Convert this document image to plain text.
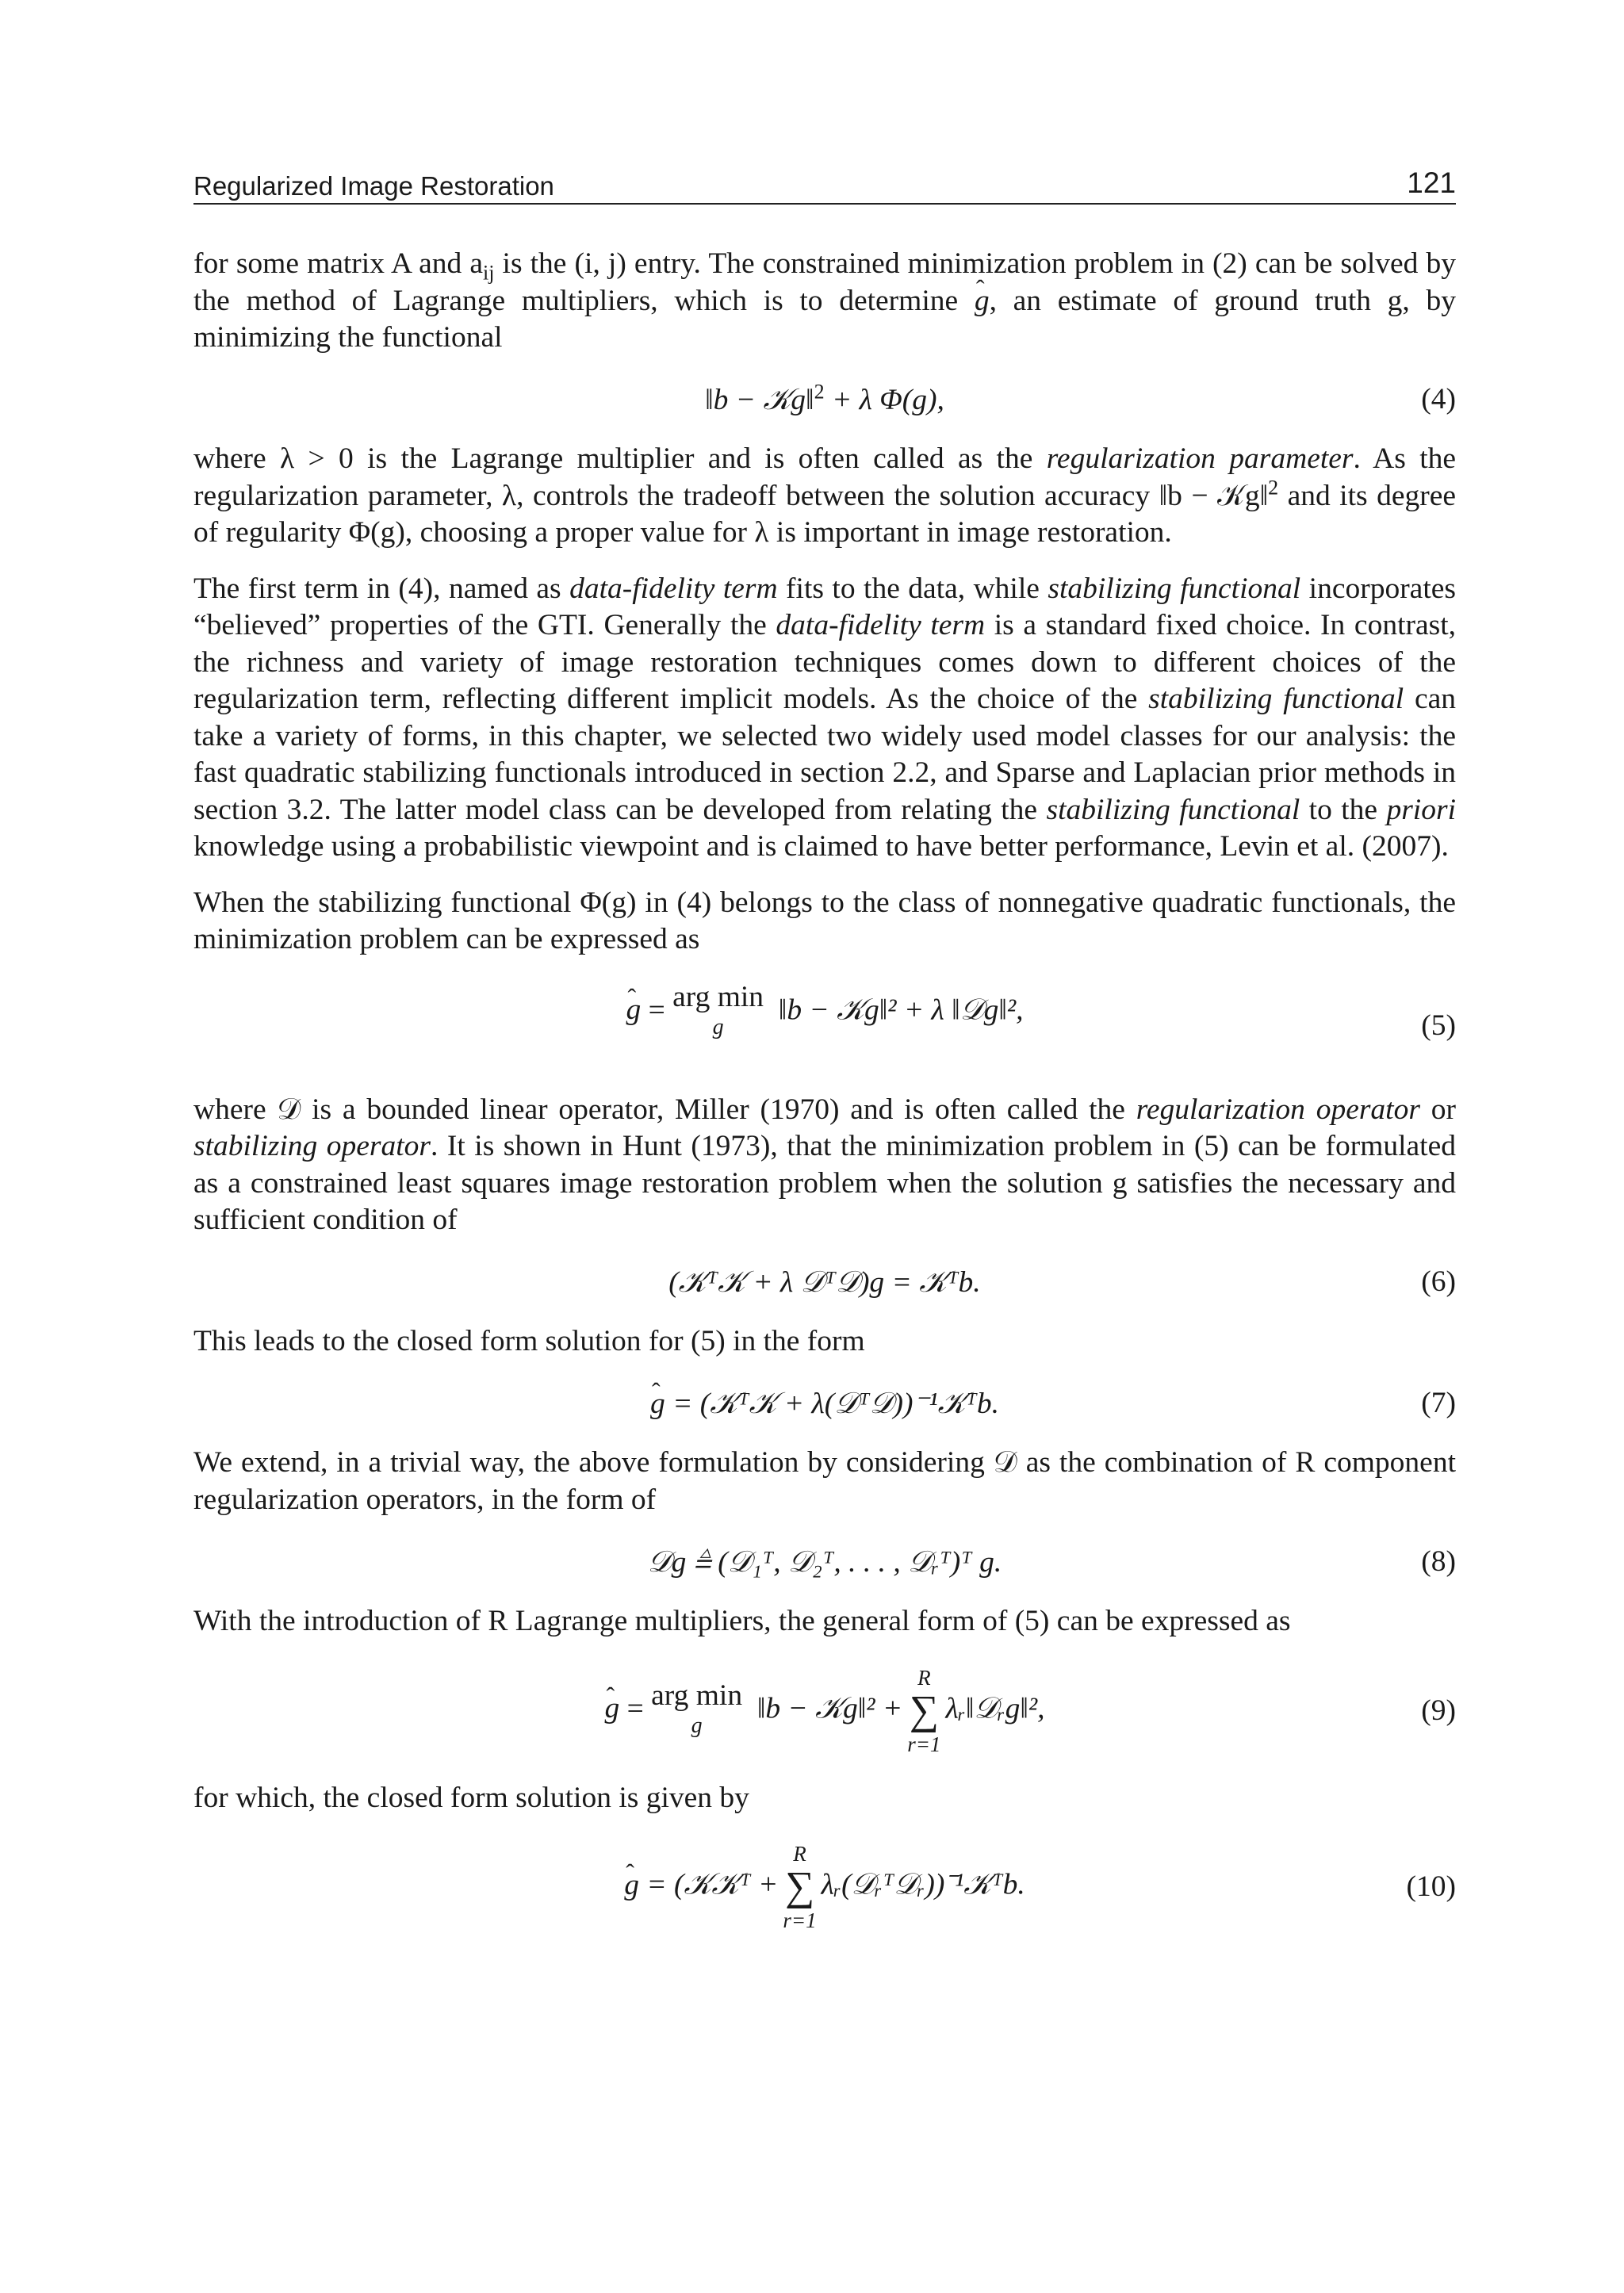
Regularized Image Restoration	121

for some matrix A and $a_{ij}$ is the (i, j) entry. The constrained minimization problem in (2) can be solved by the method of Lagrange multipliers, which is to determine ˆ g, an estimate of ground truth g, by minimizing the functional

‖b − 𝒦g‖$^2$ + λ Φ(g),	(4)

where λ > 0 is the Lagrange multiplier and is often called as the regularization parameter. As the regularization parameter, λ, controls the tradeoff between the solution accuracy ‖b − 𝒦g‖$^2$ and its degree of regularity Φ(g), choosing a proper value for λ is important in image restoration.

The first term in (4), named as data-fidelity term fits to the data, while stabilizing functional incorporates “believed” properties of the GTI. Generally the data-fidelity term is a standard fixed choice. In contrast, the richness and variety of image restoration techniques comes down to different choices of the regularization term, reflecting different implicit models. As the choice of the stabilizing functional can take a variety of forms, in this chapter, we selected two widely used model classes for our analysis: the fast quadratic stabilizing functionals introduced in section 2.2, and Sparse and Laplacian prior methods in section 3.2. The latter model class can be developed from relating the stabilizing functional to the priori knowledge using a probabilistic viewpoint and is claimed to have better performance, Levin et al. (2007).

When the stabilizing functional Φ(g) in (4) belongs to the class of nonnegative quadratic functionals, the minimization problem can be expressed as

ˆ g = arg min
g
‖b − 𝒦g‖² + λ ‖𝒟g‖²,	(5)

where 𝒟 is a bounded linear operator, Miller (1970) and is often called the regularization operator or stabilizing operator. It is shown in Hunt (1973), that the minimization problem in (5) can be formulated as a constrained least squares image restoration problem when the solution g satisfies the necessary and sufficient condition of

(𝒦ᵀ𝒦 + λ 𝒟ᵀ𝒟)g = 𝒦ᵀb.	(6)

This leads to the closed form solution for (5) in the form

ˆ g = (𝒦ᵀ𝒦 + λ(𝒟ᵀ𝒟))⁻¹𝒦ᵀb.	(7)

We extend, in a trivial way, the above formulation by considering 𝒟 as the combination of R component regularization operators, in the form of

𝒟g ≜ (𝒟₁ᵀ, 𝒟₂ᵀ, . . . , 𝒟ᵣᵀ)ᵀ g.	(8)

With the introduction of R Lagrange multipliers, the general form of (5) can be expressed as

ˆ g = arg min
g
‖b − 𝒦g‖² +
R
∑
r=1
λᵣ‖𝒟ᵣg‖²,	(9)

for which, the closed form solution is given by

ˆ g = (𝒦𝒦ᵀ +
R
∑
r=1
λᵣ(𝒟ᵣᵀ𝒟ᵣ))⁻¹𝒦ᵀb.	(10)
